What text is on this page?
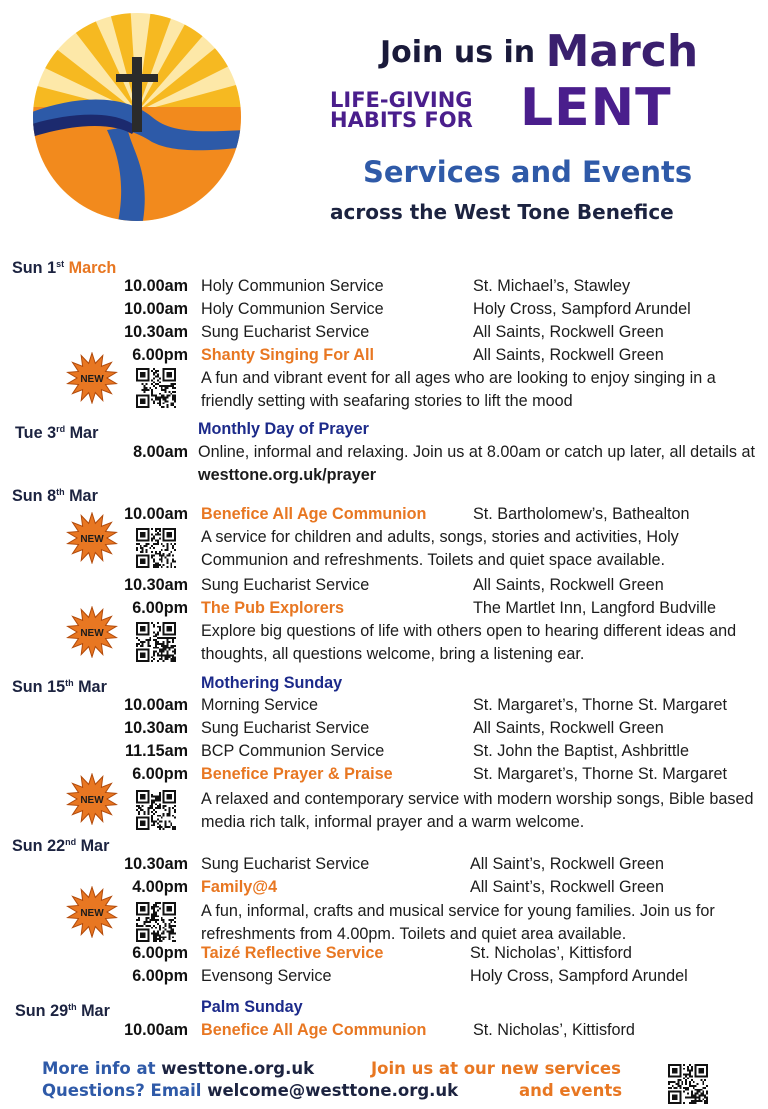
Join us in March
LIFE-GIVING
HABITS FOR LENT
Services and Events
across the West Tone Benefice
Sun 1st March
10.00am Holy Communion Service	St. Michael’s, Stawley
10.00am Holy Communion Service	Holy Cross, Sampford Arundel
10.30am Sung Eucharist Service	All Saints, Rockwell Green
6.00pm Shanty Singing For All	All Saints, Rockwell Green
A fun and vibrant event for all ages who are looking to enjoy singing in a friendly setting with seafaring stories to lift the mood
NEW
Tue 3rd Mar	Monthly Day of Prayer
8.00am Online, informal and relaxing. Join us at 8.00am or catch up later, all details at westtone.org.uk/prayer
Sun 8th Mar
10.00am Benefice All Age Communion	St. Bartholomew’s, Bathealton
A service for children and adults, songs, stories and activities, Holy Communion and refreshments. Toilets and quiet space available.
NEW
10.30am Sung Eucharist Service	All Saints, Rockwell Green
6.00pm The Pub Explorers	The Martlet Inn, Langford Budville
Explore big questions of life with others open to hearing different ideas and thoughts, all questions welcome, bring a listening ear.
NEW
Sun 15th Mar	Mothering Sunday
10.00am Morning Service	St. Margaret’s, Thorne St. Margaret
10.30am Sung Eucharist Service	All Saints, Rockwell Green
11.15am BCP Communion Service	St. John the Baptist, Ashbrittle
6.00pm Benefice Prayer & Praise	St. Margaret’s, Thorne St. Margaret
A relaxed and contemporary service with modern worship songs, Bible based media rich talk, informal prayer and a warm welcome.
NEW
Sun 22nd Mar
10.30am Sung Eucharist Service	All Saint’s, Rockwell Green
4.00pm Family@4	All Saint’s, Rockwell Green
A fun, informal, crafts and musical service for young families. Join us for refreshments from 4.00pm. Toilets and quiet area available.
NEW
6.00pm Taizé Reflective Service	St. Nicholas’, Kittisford
6.00pm Evensong Service	Holy Cross, Sampford Arundel
Sun 29th Mar	Palm Sunday
10.00am Benefice All Age Communion	St. Nicholas’, Kittisford
More info at westtone.org.uk
Questions? Email welcome@westtone.org.uk
Join us at our new services
and events
